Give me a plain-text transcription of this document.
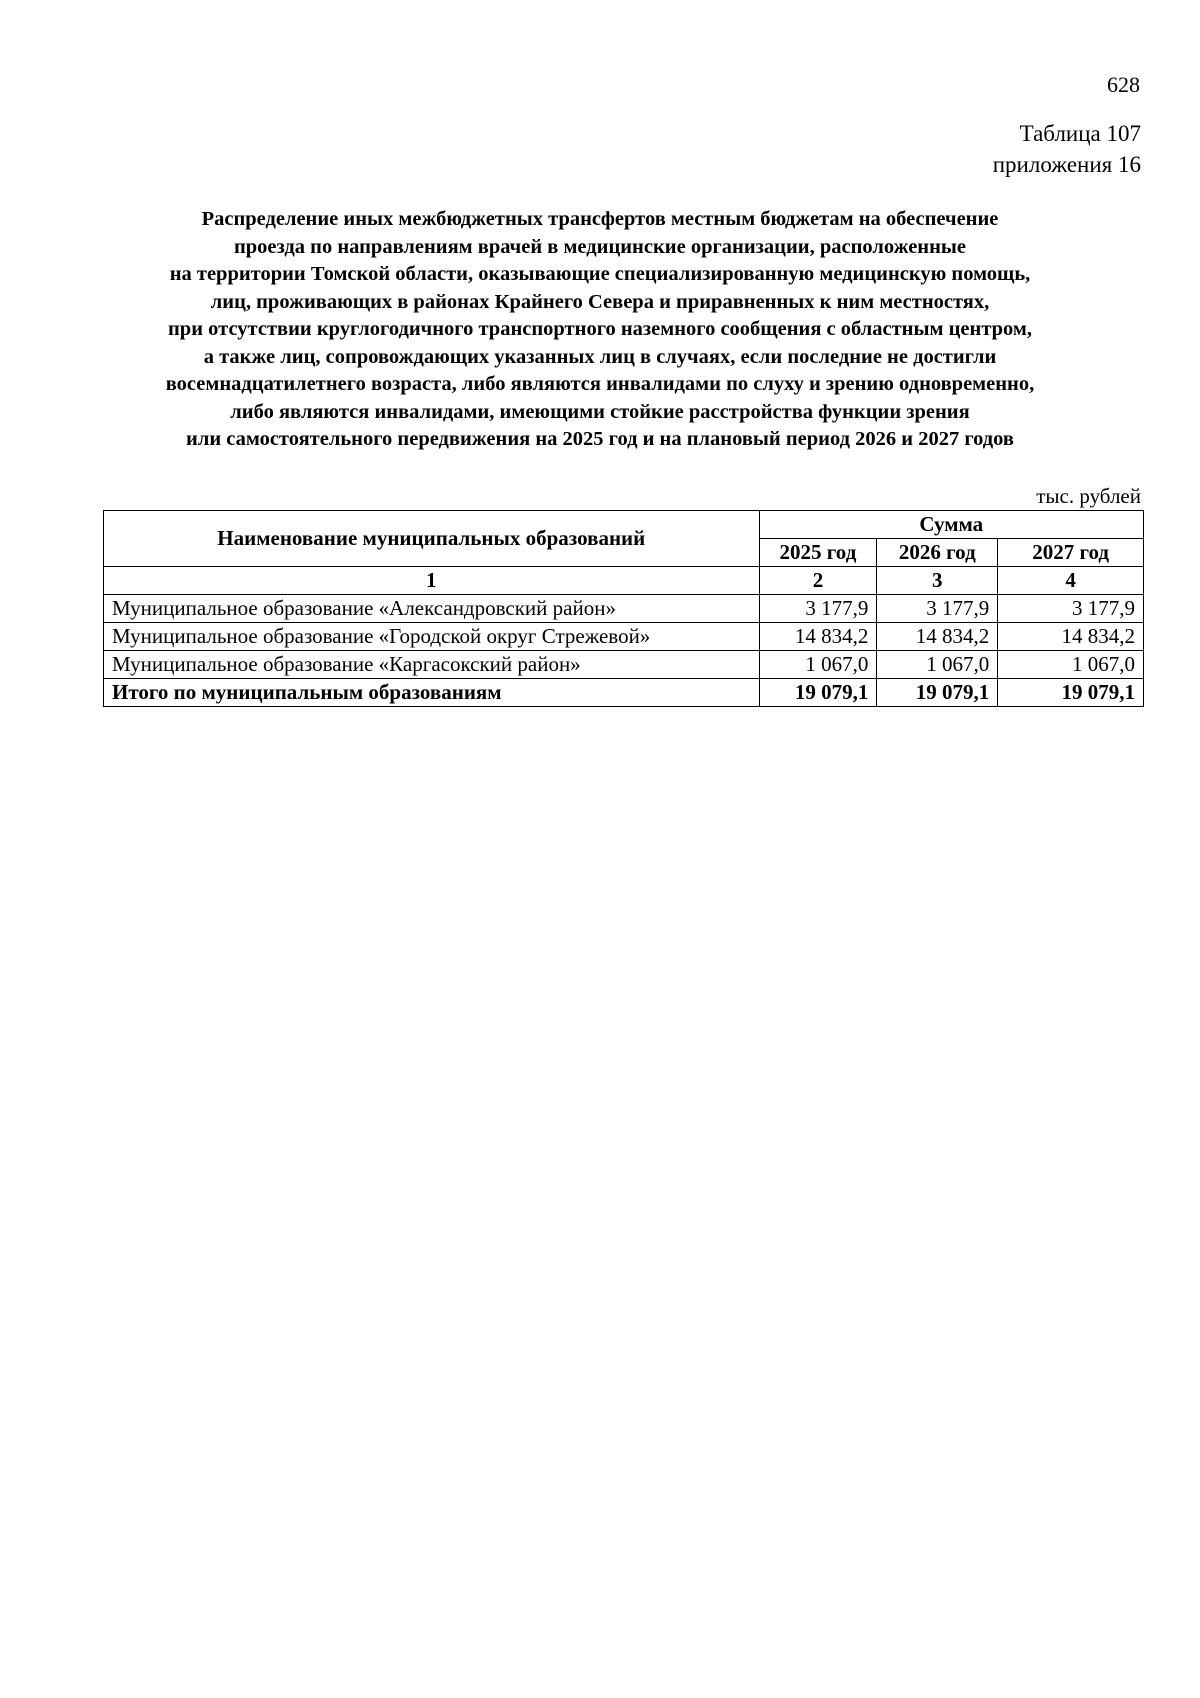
628
Таблица 107
приложения 16
Распределение иных межбюджетных трансфертов местным бюджетам на обеспечение
проезда по направлениям врачей в медицинские организации, расположенные
на территории Томской области, оказывающие специализированную медицинскую помощь,
лиц, проживающих в районах Крайнего Севера и приравненных к ним местностях,
при отсутствии круглогодичного транспортного наземного сообщения с областным центром,
а также лиц, сопровождающих указанных лиц в случаях, если последние не достигли
восемнадцатилетнего возраста, либо являются инвалидами по слуху и зрению одновременно,
либо являются инвалидами, имеющими стойкие расстройства функции зрения
или самостоятельного передвижения на 2025 год и на плановый период 2026 и 2027 годов
тыс. рублей
Наименование муниципальных образований	Сумма		
	2025 год	2026 год	2027 год
1	2	3	4
Муниципальное образование «Александровский район»	3 177,9	3 177,9	3 177,9
Муниципальное образование «Городской округ Стрежевой»	14 834,2	14 834,2	14 834,2
Муниципальное образование «Каргасокский район»	1 067,0	1 067,0	1 067,0
Итого по муниципальным образованиям	19 079,1	19 079,1	19 079,1
